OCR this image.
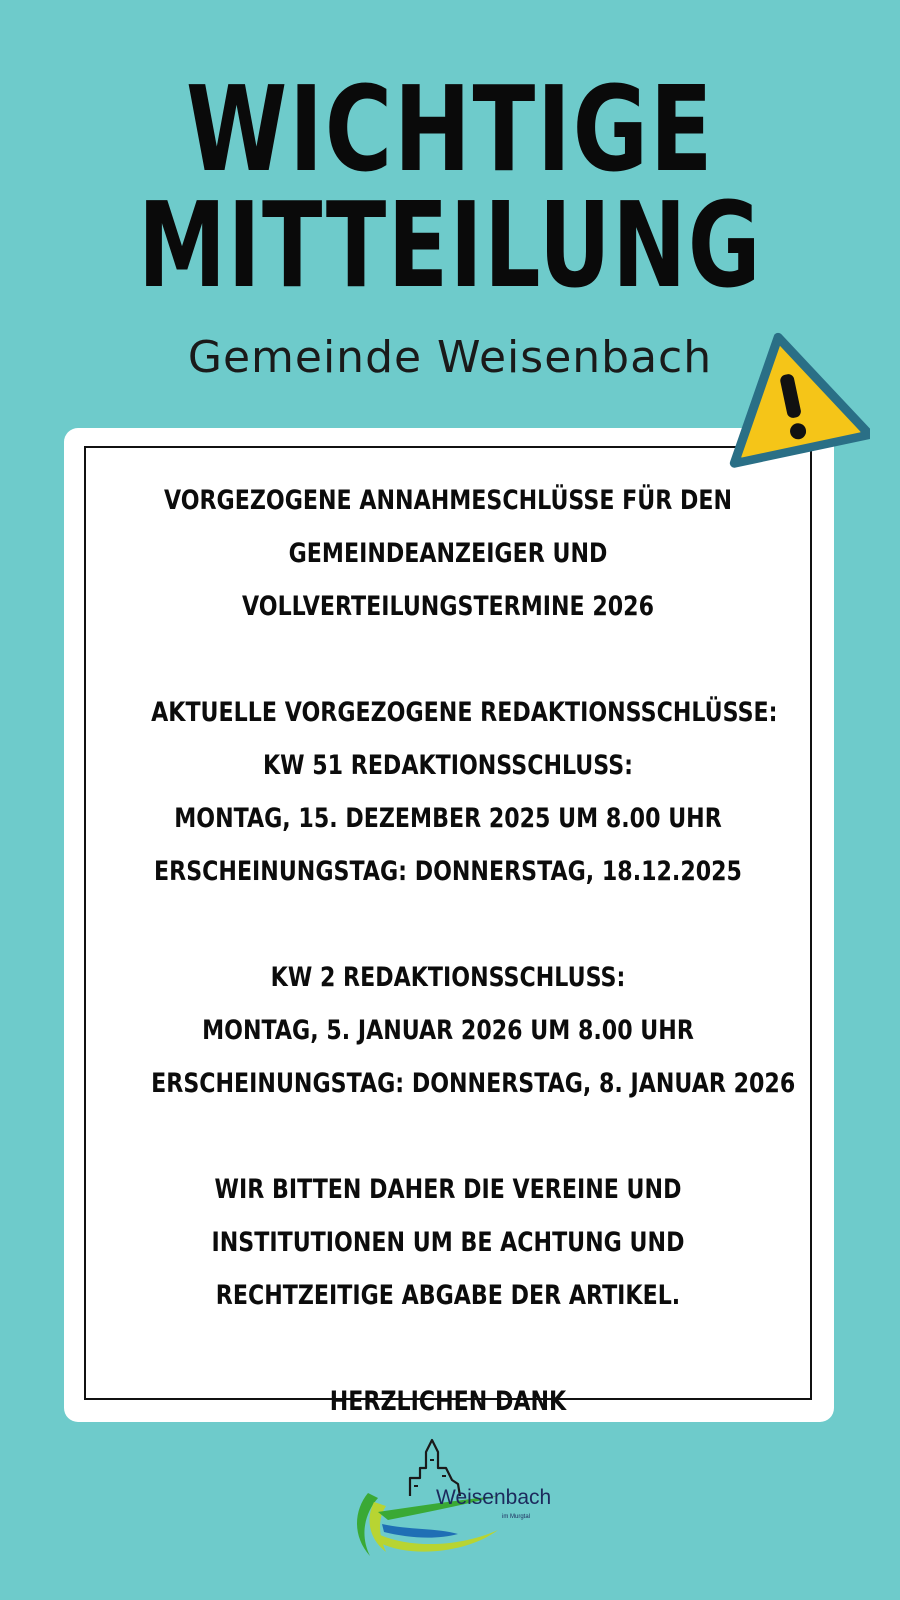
WICHTIGE
MITTEILUNG
Gemeinde Weisenbach
VORGEZOGENE ANNAHMESCHLÜSSE FÜR DEN
GEMEINDEANZEIGER UND
VOLLVERTEILUNGSTERMINE 2026
AKTUELLE VORGEZOGENE REDAKTIONSSCHLÜSSE:
KW 51 REDAKTIONSSCHLUSS:
MONTAG, 15. DEZEMBER 2025 UM 8.00 UHR
ERSCHEINUNGSTAG: DONNERSTAG, 18.12.2025
KW 2 REDAKTIONSSCHLUSS:
MONTAG, 5. JANUAR 2026 UM 8.00 UHR
ERSCHEINUNGSTAG: DONNERSTAG, 8. JANUAR 2026
WIR BITTEN DAHER DIE VEREINE UND
INSTITUTIONEN UM BE ACHTUNG UND
RECHTZEITIGE ABGABE DER ARTIKEL.
HERZLICHEN DANK
Weisenbach
im Murgtal
